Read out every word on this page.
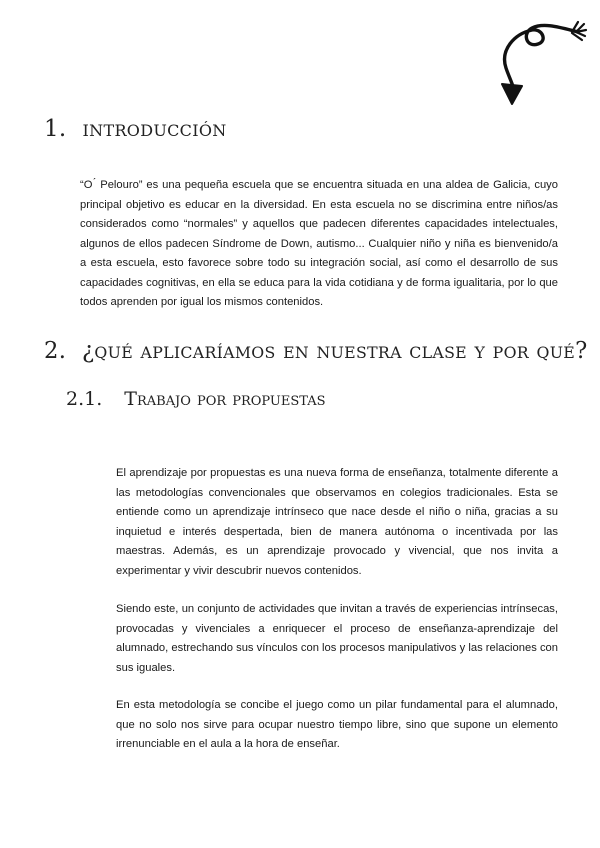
1. introducción
“O ́ Pelouro” es una pequeña escuela que se encuentra situada en una aldea de Galicia, cuyo principal objetivo es educar en la diversidad. En esta escuela no se discrimina entre niños/as considerados como “normales” y aquellos que padecen diferentes capacidades intelectuales, algunos de ellos padecen Síndrome de Down, autismo... Cualquier niño y niña es bienvenido/a a esta escuela, esto favorece sobre todo su integración social, así como el desarrollo de sus capacidades cognitivas, en ella se educa para la vida cotidiana y de forma igualitaria, por lo que todos aprenden por igual los mismos contenidos.
2. ¿qué aplicaríamos en nuestra clase y por qué?
2.1. Trabajo por propuestas
El aprendizaje por propuestas es una nueva forma de enseñanza, totalmente diferente a las metodologías convencionales que observamos en colegios tradicionales. Esta se entiende como un aprendizaje intrínseco que nace desde el niño o niña, gracias a su inquietud e interés despertada, bien de manera autónoma o incentivada por las maestras. Además, es un aprendizaje provocado y vivencial, que nos invita a experimentar y vivir descubrir nuevos contenidos.
Siendo este, un conjunto de actividades que invitan a través de experiencias intrínsecas, provocadas y vivenciales a enriquecer el proceso de enseñanza-aprendizaje del alumnado, estrechando sus vínculos con los procesos manipulativos y las relaciones con sus iguales.
En esta metodología se concibe el juego como un pilar fundamental para el alumnado, que no solo nos sirve para ocupar nuestro tiempo libre, sino que supone un elemento irrenunciable en el aula a la hora de enseñar.
